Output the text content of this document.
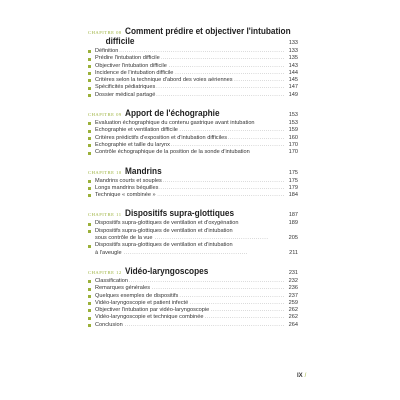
CHAPITRE 08 Comment prédire et objectiver l'intubation
difficile	133
Définition . . .	133
Prédire l'intubation difficile . . .	135
Objectiver l'intubation difficile . . .	143
Incidence de l'intubation difficile . . .	144
Critères selon la technique d'abord des voies aériennes . . .	145
Spécificités pédiatriques . . .	147
Dossier médical partagé . . .	149
CHAPITRE 09 Apport de l'échographie	153
Évaluation échographique du contenu gastrique avant intubation	153
Échographie et ventilation difficile . . .	159
Critères prédictifs d'exposition et d'intubation difficiles . . .	160
Échographie et taille du larynx . . .	170
Contrôle échographique de la position de la sonde d'intubation	170
CHAPITRE 10 Mandrins	175
Mandrins courts et souples . . .	175
Longs mandrins béquilles . . .	179
Technique « combinée » . . .	184
CHAPITRE 11 Dispositifs supra-glottiques	187
Dispositifs supra-glottiques de ventilation et d'oxygénation	189
Dispositifs supra-glottiques de ventilation et d'intubation
sous contrôle de la vue . . . . . . . . . . . . . . . . . . . . . . . . . . . . . . . . . . . . . . . . . . . . . . . . . . . . . .	205
Dispositifs supra-glottiques de ventilation et d'intubation
à l'aveugle . . . . . . . . . . . . . . . . . . . . . . . . . . . . . . . . . . . . . . . . . . . . . . . . . . . . . . . . . . .	211
CHAPITRE 12 Vidéo-laryngoscopes	231
Classification . . .	232
Remarques générales . . .	236
Quelques exemples de dispositifs . . .	237
Vidéo-laryngoscopie et patient infecté . . .	259
Objectiver l'intubation par vidéo-laryngoscopie . . .	262
Vidéo-laryngoscopie et technique combinée . . .	262
Conclusion . . .	264
IX /
